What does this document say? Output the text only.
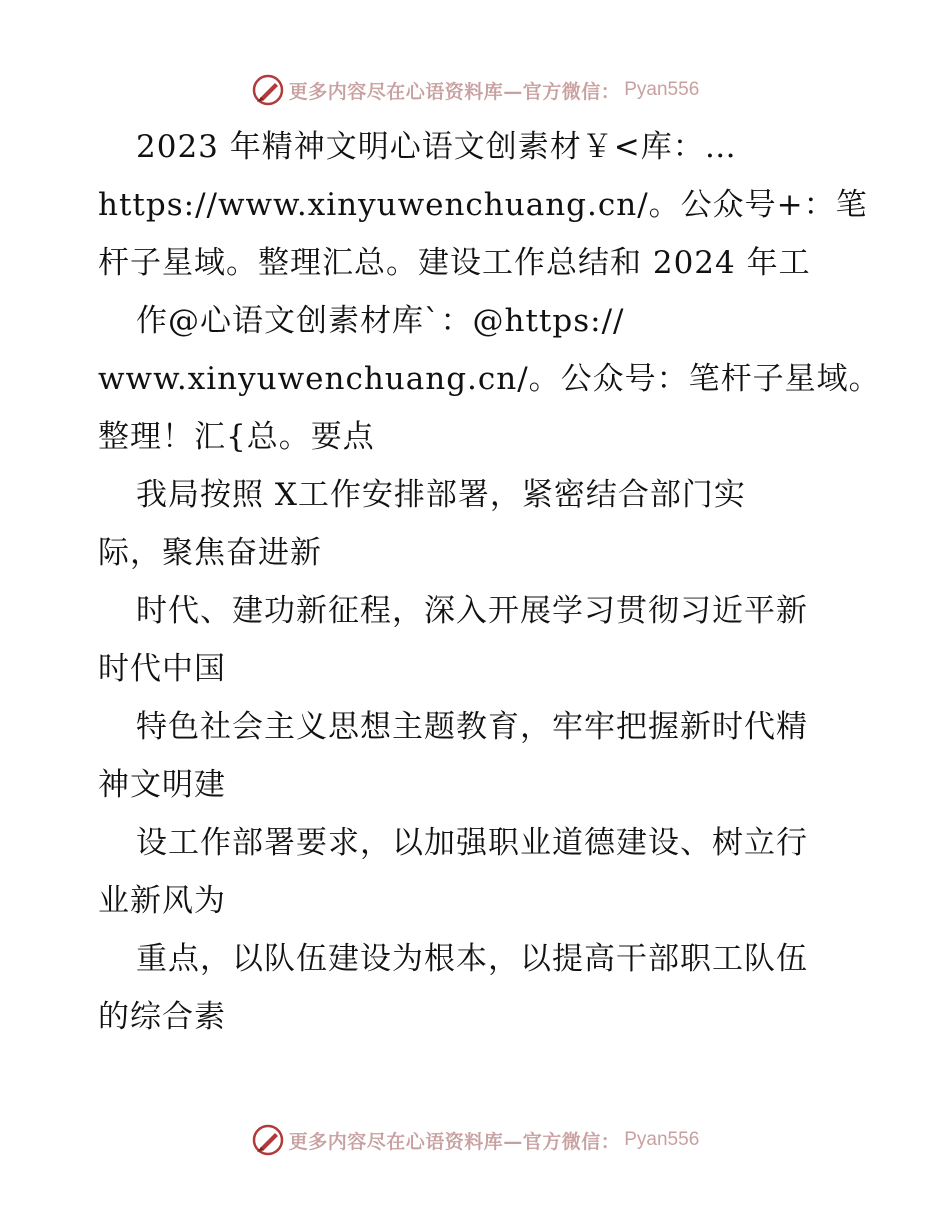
更多内容尽在心语资料库—官方微信： Pyan556
2023 年精神文明心语文创素材￥<库：…
https://www.xinyuwenchuang.cn/。公众号+：笔
杆子星域。整理汇总。建设工作总结和 2024 年工
作@心语文创素材库`：@https://
www.xinyuwenchuang.cn/。公众号：笔杆子星域。
整理！汇{总。要点
我局按照 X工作安排部署，紧密结合部门实
际，聚焦奋进新
时代、建功新征程，深入开展学习贯彻习近平新
时代中国
特色社会主义思想主题教育，牢牢把握新时代精
神文明建
设工作部署要求，以加强职业道德建设、树立行
业新风为
重点，以队伍建设为根本，以提高干部职工队伍
的综合素
更多内容尽在心语资料库—官方微信： Pyan556
